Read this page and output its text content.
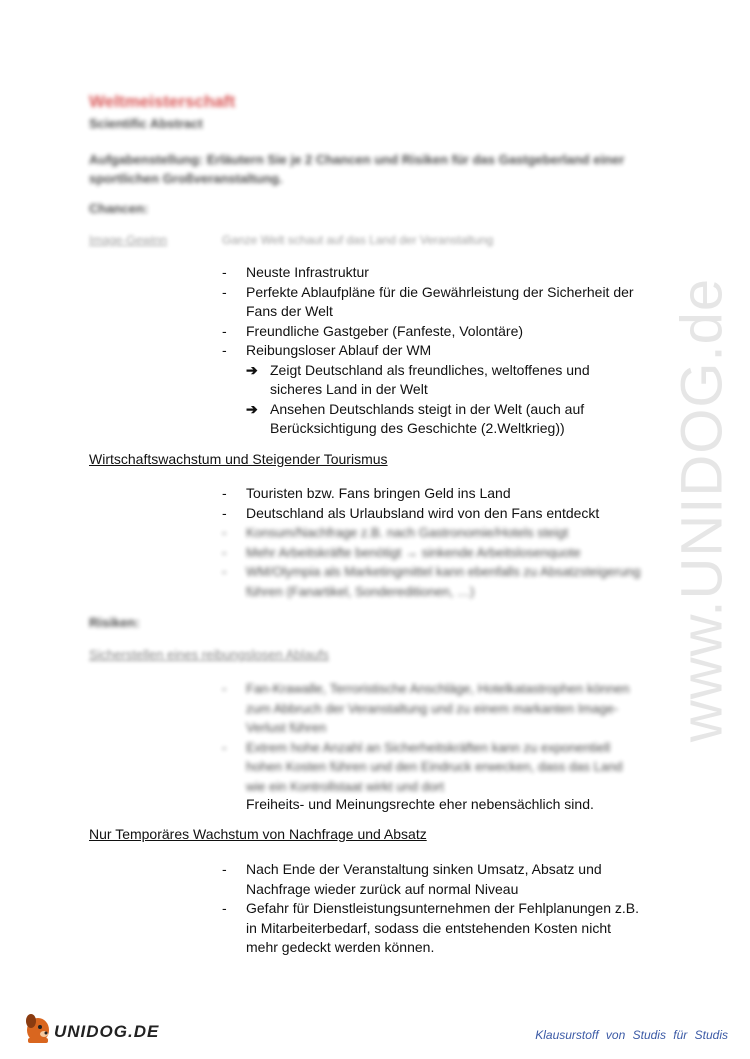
www.UNIDOG.de
Weltmeisterschaft
Scientific Abstract
Aufgabenstellung: Erläutern Sie je 2 Chancen und Risiken für das Gastgeberland einer sportlichen Großveranstaltung.
Chancen:
Image-Gewinn	Ganze Welt schaut auf das Land der Veranstaltung
- Neuste Infrastruktur
- Perfekte Ablaufpläne für die Gewährleistung der Sicherheit der Fans der Welt
- Freundliche Gastgeber (Fanfeste, Volontäre)
- Reibungsloser Ablauf der WM
➔ Zeigt Deutschland als freundliches, weltoffenes und sicheres Land in der Welt
➔ Ansehen Deutschlands steigt in der Welt (auch auf Berücksichtigung des Geschichte (2.Weltkrieg))
Wirtschaftswachstum und Steigender Tourismus
- Touristen bzw. Fans bringen Geld ins Land
- Deutschland als Urlaubsland wird von den Fans entdeckt
- Konsum/Nachfrage z.B. nach Gastronomie/Hotels steigt
- Mehr Arbeitskräfte benötigt → sinkende Arbeitslosenquote
- WM/Olympia als Marketingmittel kann ebenfalls zu Absatzsteigerung führen (Fanartikel, Sondereditionen, …)
Risiken:
Sicherstellen eines reibungslosen Ablaufs
- Fan-Krawalle, Terroristische Anschläge, Hotelkatastrophen können zum Abbruch der Veranstaltung und zu einem markanten Image-Verlust führen
- Extrem hohe Anzahl an Sicherheitskräften kann zu exponentiell hohen Kosten führen und den Eindruck erwecken, dass das Land wie ein Kontrollstaat wirkt und dort
Freiheits- und Meinungsrechte eher nebensächlich sind.
Nur Temporäres Wachstum von Nachfrage und Absatz
- Nach Ende der Veranstaltung sinken Umsatz, Absatz und Nachfrage wieder zurück auf normal Niveau
- Gefahr für Dienstleistungsunternehmen der Fehlplanungen z.B. in Mitarbeiterbedarf, sodass die entstehenden Kosten nicht mehr gedeckt werden können.
UNIDOG.DE	Klausurstoff von Studis für Studis
